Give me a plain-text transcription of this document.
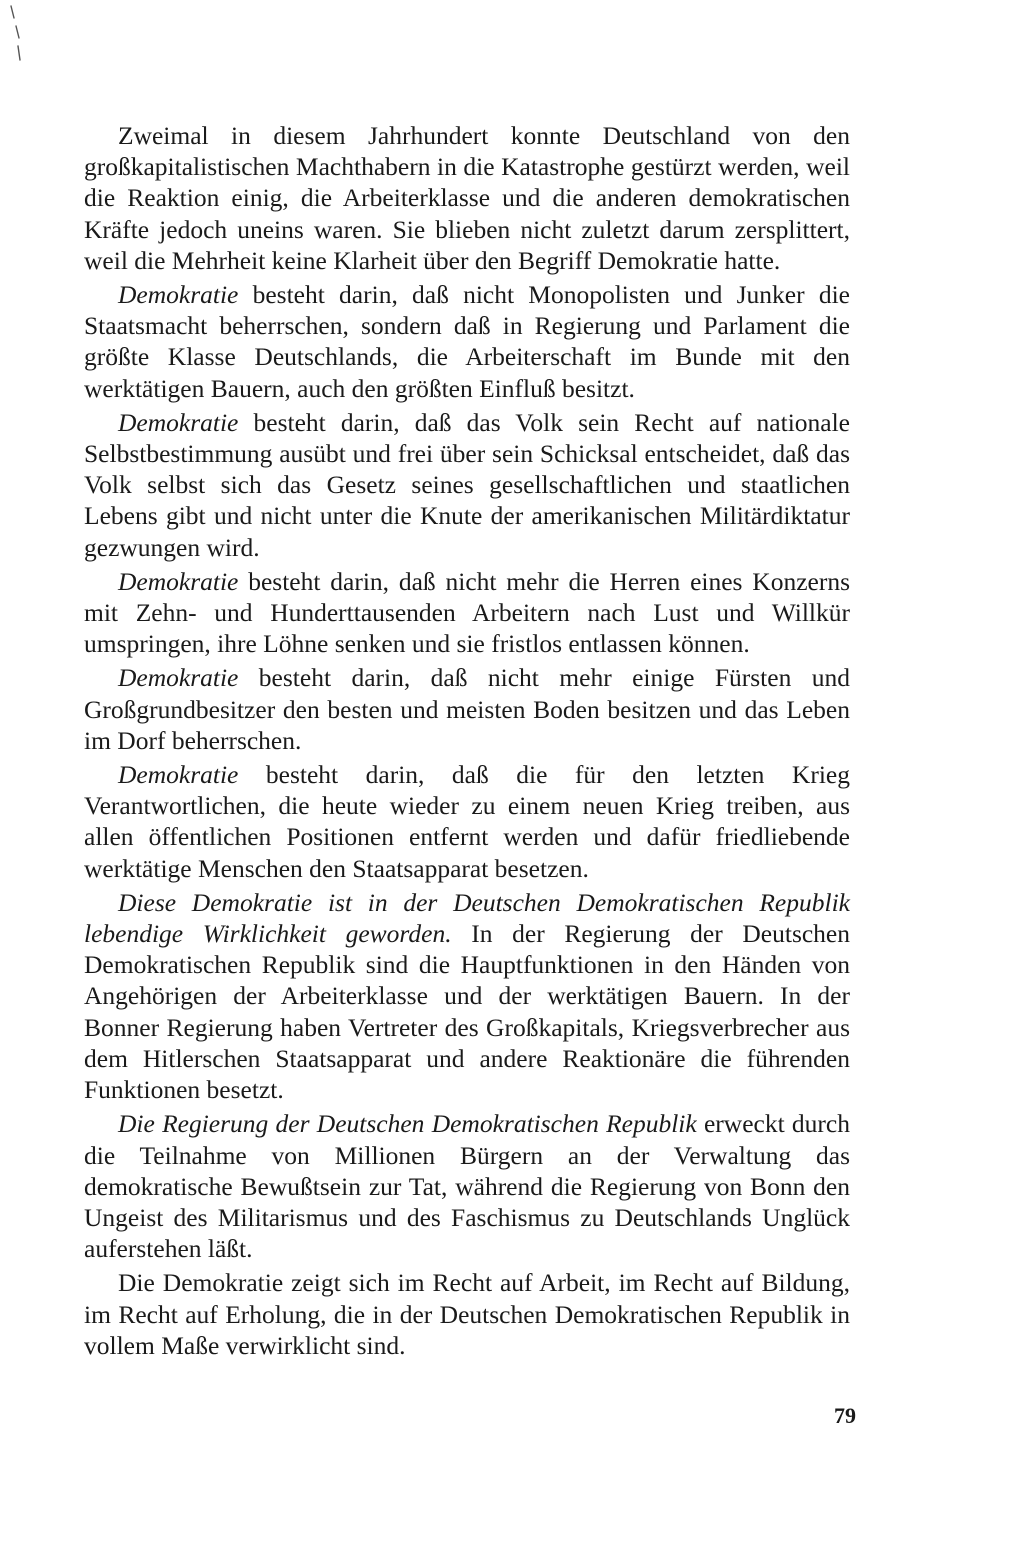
Zweimal in diesem Jahrhundert konnte Deutschland von den großkapitalistischen Machthabern in die Katastrophe gestürzt werden, weil die Reaktion einig, die Arbeiterklasse und die anderen demokratischen Kräfte jedoch uneins waren. Sie blieben nicht zuletzt darum zersplittert, weil die Mehrheit keine Klarheit über den Begriff Demokratie hatte.

Demokratie besteht darin, daß nicht Monopolisten und Junker die Staatsmacht beherrschen, sondern daß in Regierung und Parlament die größte Klasse Deutschlands, die Arbeiterschaft im Bunde mit den werktätigen Bauern, auch den größten Einfluß besitzt.

Demokratie besteht darin, daß das Volk sein Recht auf nationale Selbstbestimmung ausübt und frei über sein Schicksal entscheidet, daß das Volk selbst sich das Gesetz seines gesellschaftlichen und staatlichen Lebens gibt und nicht unter die Knute der amerikanischen Militärdiktatur gezwungen wird.

Demokratie besteht darin, daß nicht mehr die Herren eines Konzerns mit Zehn- und Hunderttausenden Arbeitern nach Lust und Willkür umspringen, ihre Löhne senken und sie fristlos entlassen können.

Demokratie besteht darin, daß nicht mehr einige Fürsten und Großgrundbesitzer den besten und meisten Boden besitzen und das Leben im Dorf beherrschen.

Demokratie besteht darin, daß die für den letzten Krieg Verantwortlichen, die heute wieder zu einem neuen Krieg treiben, aus allen öffentlichen Positionen entfernt werden und dafür friedliebende werktätige Menschen den Staatsapparat besetzen.

Diese Demokratie ist in der Deutschen Demokratischen Republik lebendige Wirklichkeit geworden. In der Regierung der Deutschen Demokratischen Republik sind die Hauptfunktionen in den Händen von Angehörigen der Arbeiterklasse und der werktätigen Bauern. In der Bonner Regierung haben Vertreter des Großkapitals, Kriegsverbrecher aus dem Hitlerschen Staatsapparat und andere Reaktionäre die führenden Funktionen besetzt.

Die Regierung der Deutschen Demokratischen Republik erweckt durch die Teilnahme von Millionen Bürgern an der Verwaltung das demokratische Bewußtsein zur Tat, während die Regierung von Bonn den Ungeist des Militarismus und des Faschismus zu Deutschlands Unglück auferstehen läßt.

Die Demokratie zeigt sich im Recht auf Arbeit, im Recht auf Bildung, im Recht auf Erholung, die in der Deutschen Demokratischen Republik in vollem Maße verwirklicht sind.

79
